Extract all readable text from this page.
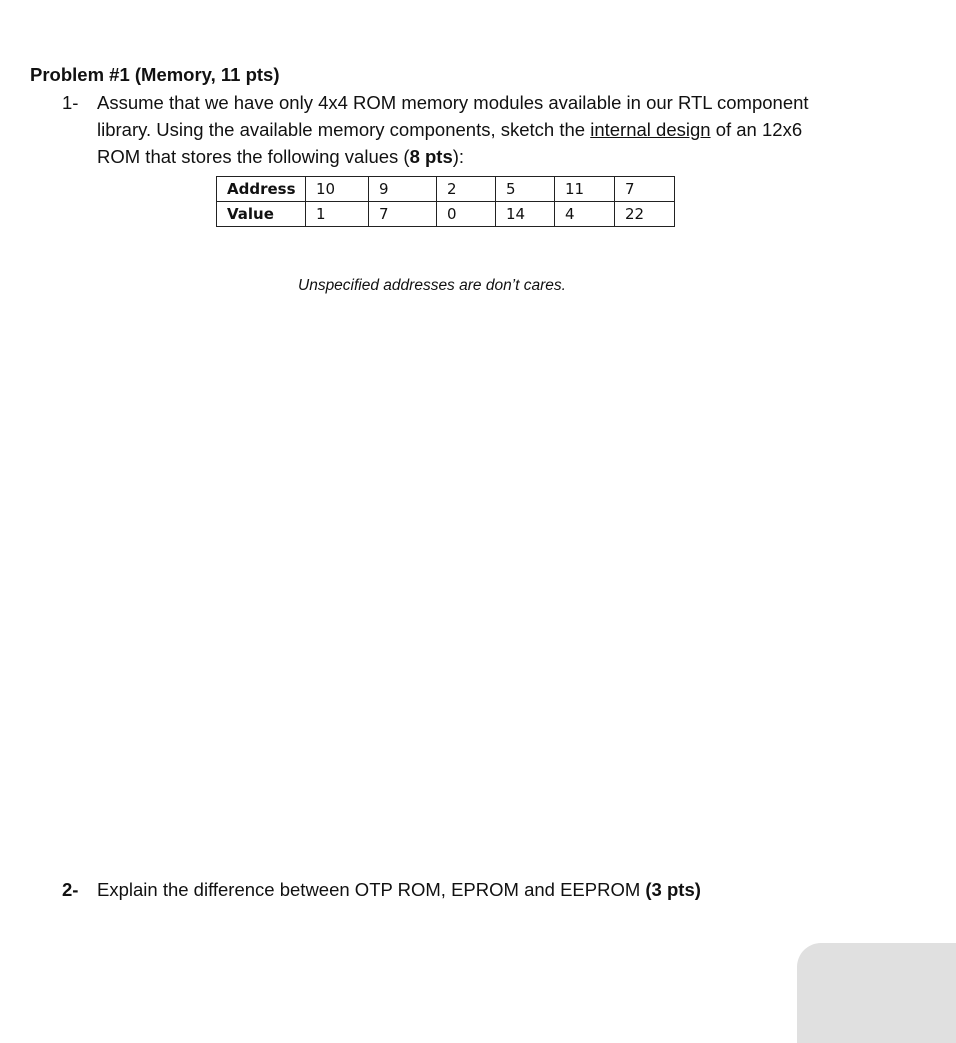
Problem #1 (Memory, 11 pts)
1- Assume that we have only 4x4 ROM memory modules available in our RTL component
library. Using the available memory components, sketch the internal design of an 12x6
ROM that stores the following values (8 pts):
Address	10	9	2	5	11	7
Value	1	7	0	14	4	22
Unspecified addresses are don’t cares.
2- Explain the difference between OTP ROM, EPROM and EEPROM (3 pts)
